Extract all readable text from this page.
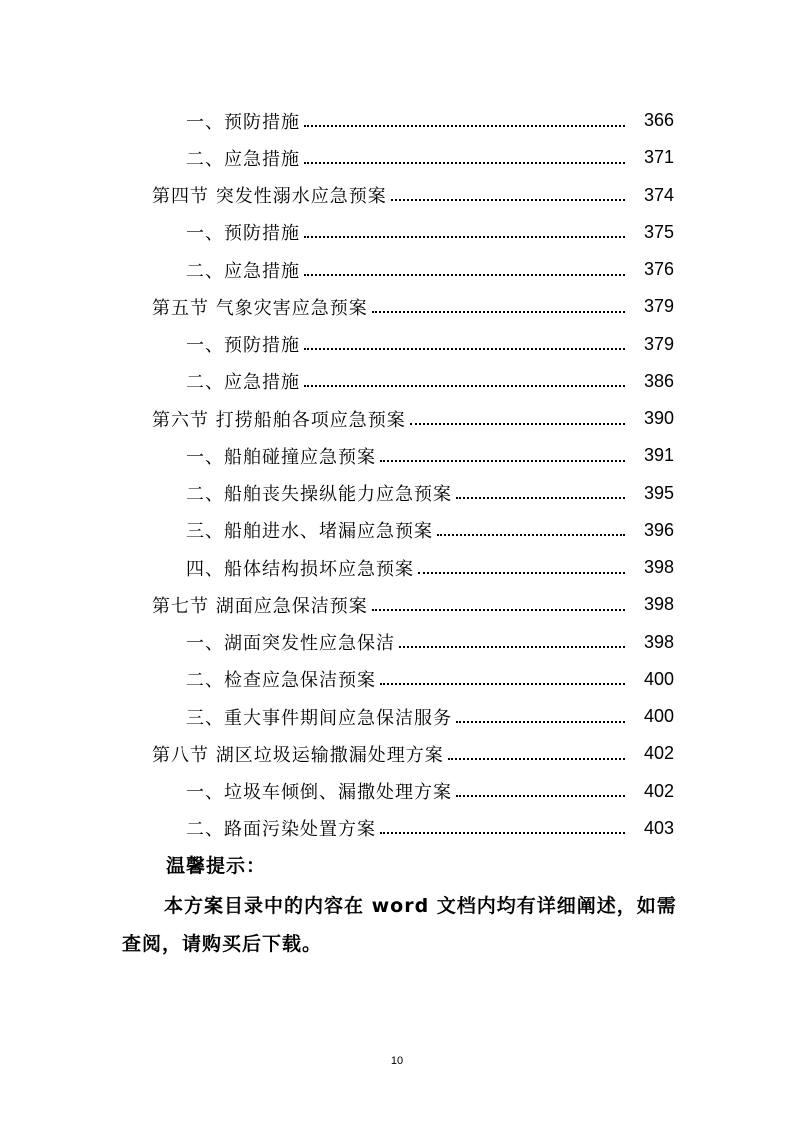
一、预防措施	366
二、应急措施	371
第四节 突发性溺水应急预案	374
一、预防措施	375
二、应急措施	376
第五节 气象灾害应急预案	379
一、预防措施	379
二、应急措施	386
第六节 打捞船舶各项应急预案	390
一、船舶碰撞应急预案	391
二、船舶丧失操纵能力应急预案	395
三、船舶进水、堵漏应急预案	396
四、船体结构损坏应急预案	398
第七节 湖面应急保洁预案	398
一、湖面突发性应急保洁	398
二、检查应急保洁预案	400
三、重大事件期间应急保洁服务	400
第八节 湖区垃圾运输撒漏处理方案	402
一、垃圾车倾倒、漏撒处理方案	402
二、路面污染处置方案	403
温馨提示：
本方案目录中的内容在 word 文档内均有详细阐述，如需查阅，请购买后下载。
10
